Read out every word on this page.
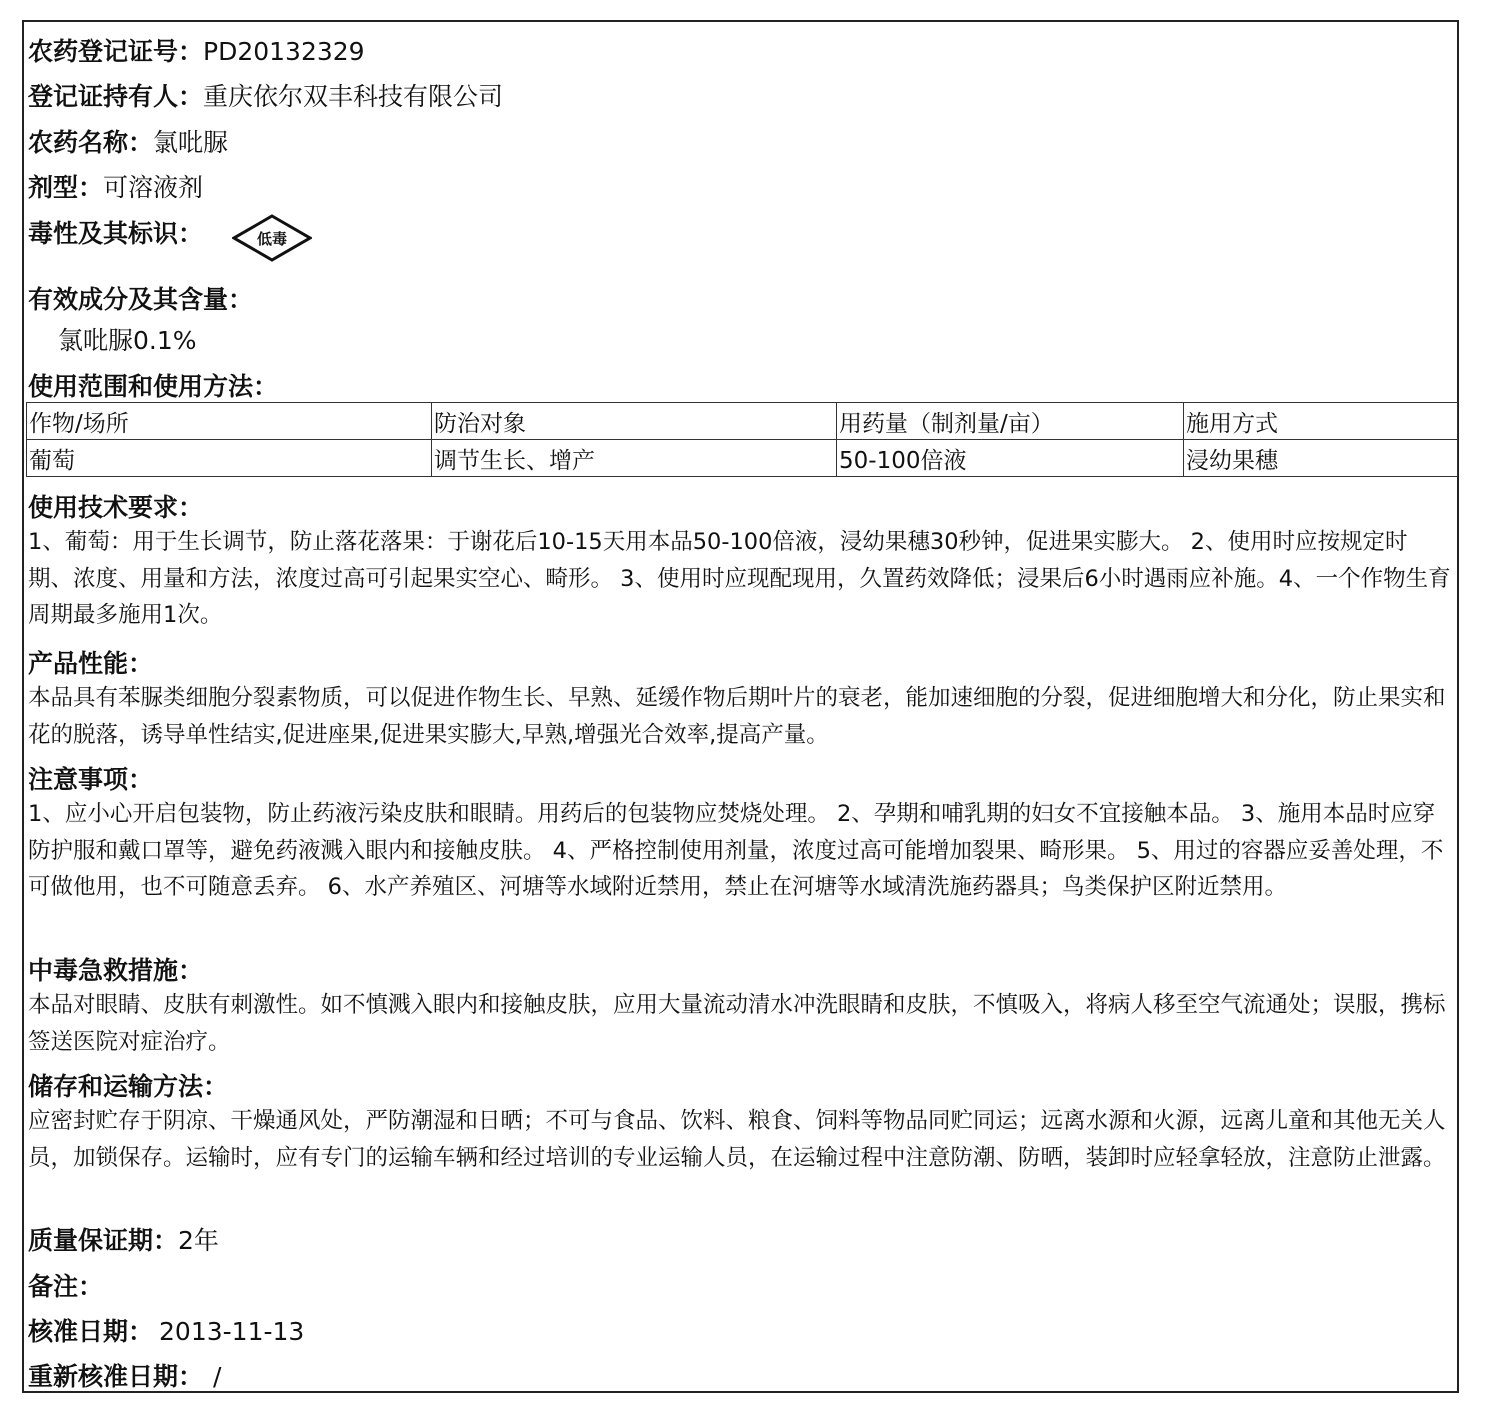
农药登记证号：PD20132329
登记证持有人：重庆依尔双丰科技有限公司
农药名称：氯吡脲
剂型：可溶液剂
毒性及其标识：	低毒
有效成分及其含量：
氯吡脲0.1%
使用范围和使用方法：
作物/场所	防治对象	用药量（制剂量/亩）	施用方式
葡萄	调节生长、增产	50-100倍液	浸幼果穗
使用技术要求：
1、葡萄：用于生长调节，防止落花落果：于谢花后10-15天用本品50-100倍液，浸幼果穗30秒钟，促进果实膨大。 2、使用时应按规定时期、浓度、用量和方法，浓度过高可引起果实空心、畸形。 3、使用时应现配现用，久置药效降低；浸果后6小时遇雨应补施。4、一个作物生育周期最多施用1次。
产品性能：
本品具有苯脲类细胞分裂素物质，可以促进作物生长、早熟、延缓作物后期叶片的衰老，能加速细胞的分裂，促进细胞增大和分化，防止果实和花的脱落，诱导单性结实,促进座果,促进果实膨大,早熟,增强光合效率,提高产量。
注意事项：
1、应小心开启包装物，防止药液污染皮肤和眼睛。用药后的包装物应焚烧处理。 2、孕期和哺乳期的妇女不宜接触本品。 3、施用本品时应穿防护服和戴口罩等，避免药液溅入眼内和接触皮肤。 4、严格控制使用剂量，浓度过高可能增加裂果、畸形果。 5、用过的容器应妥善处理，不可做他用，也不可随意丢弃。 6、水产养殖区、河塘等水域附近禁用，禁止在河塘等水域清洗施药器具；鸟类保护区附近禁用。
中毒急救措施：
本品对眼睛、皮肤有刺激性。如不慎溅入眼内和接触皮肤，应用大量流动清水冲洗眼睛和皮肤，不慎吸入，将病人移至空气流通处；误服，携标签送医院对症治疗。
储存和运输方法：
应密封贮存于阴凉、干燥通风处，严防潮湿和日晒；不可与食品、饮料、粮食、饲料等物品同贮同运；远离水源和火源，远离儿童和其他无关人员，加锁保存。运输时，应有专门的运输车辆和经过培训的专业运输人员，在运输过程中注意防潮、防晒，装卸时应轻拿轻放，注意防止泄露。
质量保证期：2年
备注：
核准日期： 2013-11-13
重新核准日期： /
